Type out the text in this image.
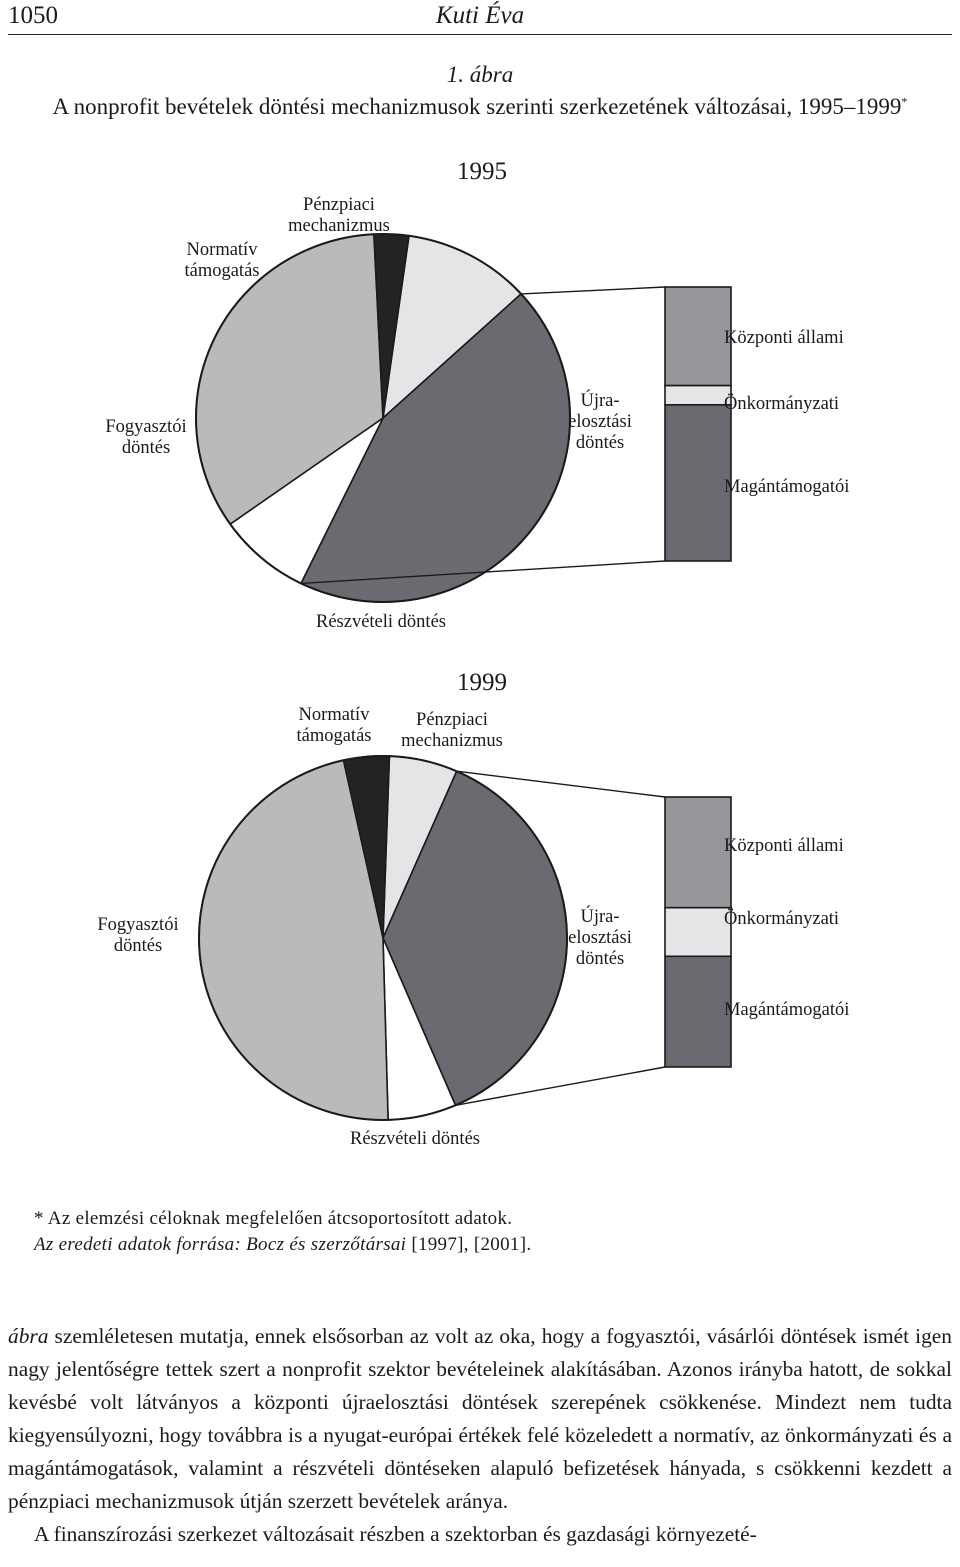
1050	Kuti Éva
1. ábra
A nonprofit bevételek döntési mechanizmusok szerinti szerkezetének változásai, 1995–1999*
1995
Pénzpiaci
mechanizmus
Újra-
elosztási
döntés
Részvételi döntés
Fogyasztói
döntés
Normatív
támogatás
Központi állami
Önkormányzati
Magántámogatói
1999
Pénzpiaci
mechanizmus
Újra-
elosztási
döntés
Részvételi döntés
Fogyasztói
döntés
Normatív
támogatás
Központi állami
Önkormányzati
Magántámogatói
* Az elemzési céloknak megfelelően átcsoportosított adatok.
Az eredeti adatok forrása: Bocz és szerzőtársai [1997], [2001].

ábra szemléletesen mutatja, ennek elsősorban az volt az oka, hogy a fogyasztói, vásárlói döntések ismét igen nagy jelentőségre tettek szert a nonprofit szektor bevételeinek alakításában. Azonos irányba hatott, de sokkal kevésbé volt látványos a központi újraelosztási döntések szerepének csökkenése. Mindezt nem tudta kiegyensúlyozni, hogy továbbra is a nyugat-európai értékek felé közeledett a normatív, az önkormányzati és a magántámogatások, valamint a részvételi döntéseken alapuló befizetések hányada, s csökkenni kezdett a pénzpiaci mechanizmusok útján szerzett bevételek aránya.

A finanszírozási szerkezet változásait részben a szektorban és gazdasági környezeté-
